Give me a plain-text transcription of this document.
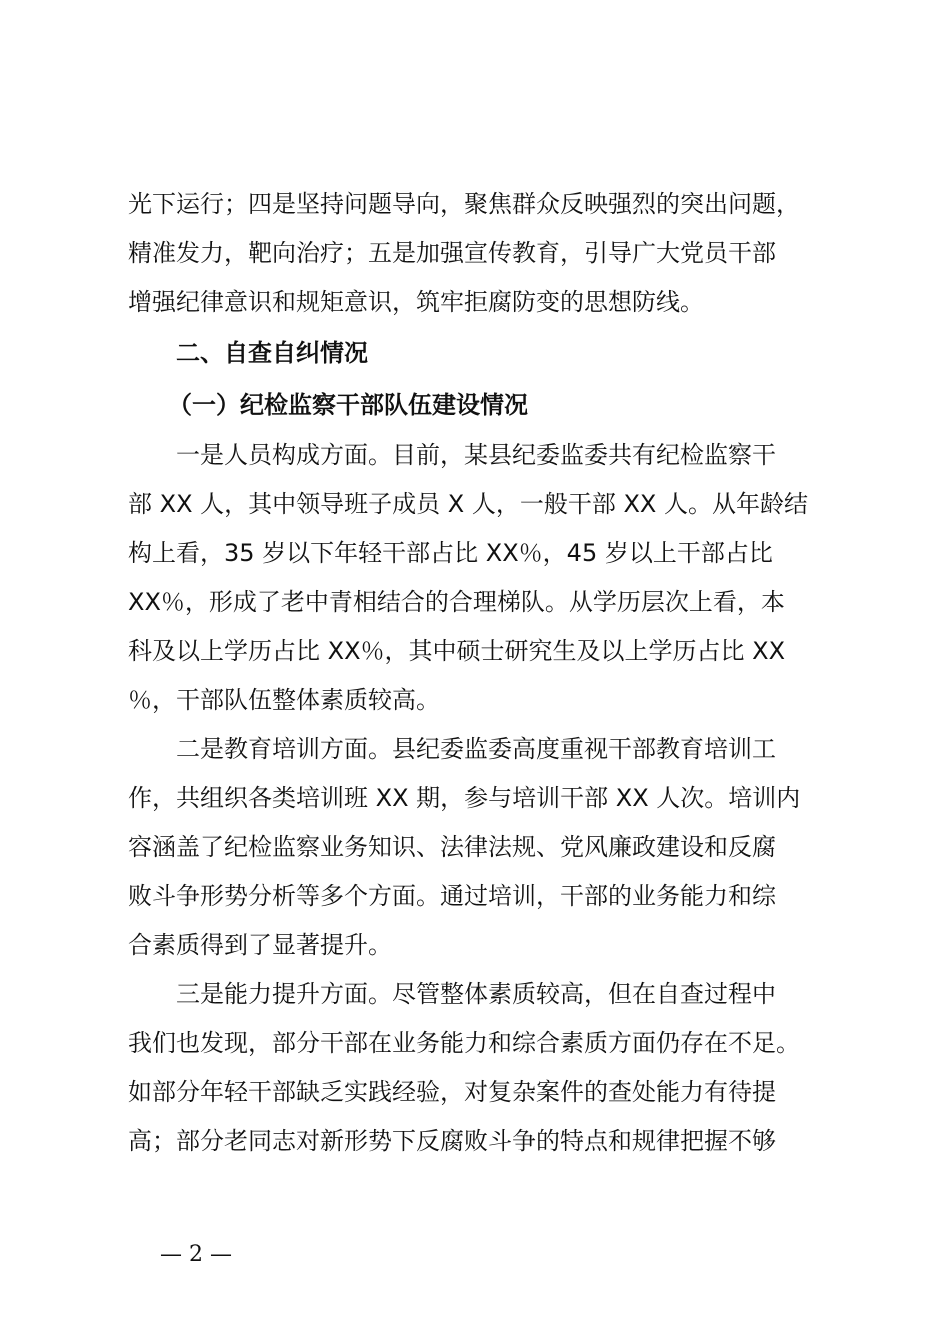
光下运行；四是坚持问题导向，聚焦群众反映强烈的突出问题，
精准发力，靶向治疗；五是加强宣传教育，引导广大党员干部
增强纪律意识和规矩意识，筑牢拒腐防变的思想防线。
二、自查自纠情况
（一）纪检监察干部队伍建设情况
一是人员构成方面。目前，某县纪委监委共有纪检监察干
部 XX 人，其中领导班子成员 X 人，一般干部 XX 人。从年龄结
构上看，35 岁以下年轻干部占比 XX％，45 岁以上干部占比
XX％，形成了老中青相结合的合理梯队。从学历层次上看，本
科及以上学历占比 XX％，其中硕士研究生及以上学历占比 XX
％，干部队伍整体素质较高。
二是教育培训方面。县纪委监委高度重视干部教育培训工
作，共组织各类培训班 XX 期，参与培训干部 XX 人次。培训内
容涵盖了纪检监察业务知识、法律法规、党风廉政建设和反腐
败斗争形势分析等多个方面。通过培训，干部的业务能力和综
合素质得到了显著提升。
三是能力提升方面。尽管整体素质较高，但在自查过程中
我们也发现，部分干部在业务能力和综合素质方面仍存在不足。
如部分年轻干部缺乏实践经验，对复杂案件的查处能力有待提
高；部分老同志对新形势下反腐败斗争的特点和规律把握不够
— 2 —
